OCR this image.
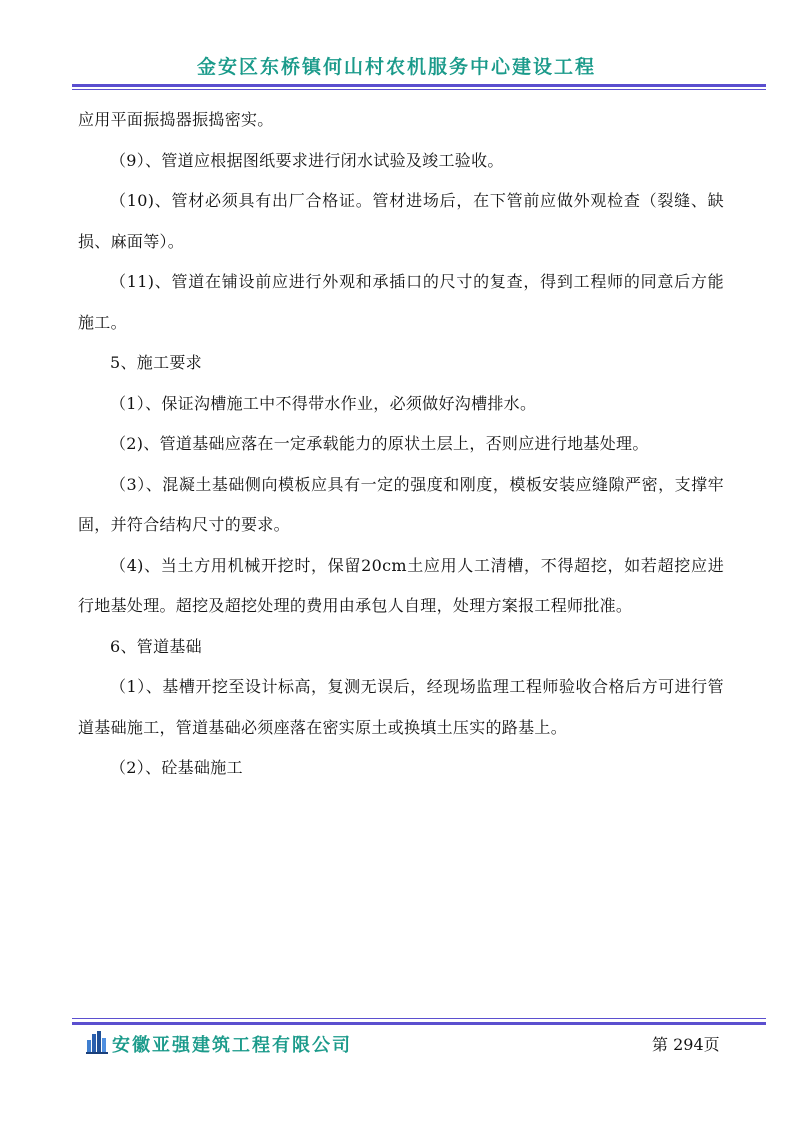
金安区东桥镇何山村农机服务中心建设工程

应用平面振捣器振捣密实。

（9）、管道应根据图纸要求进行闭水试验及竣工验收。

（10)、管材必须具有出厂合格证。管材进场后，在下管前应做外观检查（裂缝、缺损、麻面等）。

（11)、管道在铺设前应进行外观和承插口的尺寸的复查，得到工程师的同意后方能施工。

5、施工要求

（1）、保证沟槽施工中不得带水作业，必须做好沟槽排水。

（2)、管道基础应落在一定承载能力的原状土层上，否则应进行地基处理。

（3）、混凝土基础侧向模板应具有一定的强度和刚度，模板安装应缝隙严密，支撑牢固，并符合结构尺寸的要求。

（4)、当土方用机械开挖时，保留20cm土应用人工清槽，不得超挖，如若超挖应进行地基处理。超挖及超挖处理的费用由承包人自理，处理方案报工程师批准。

6、管道基础

（1）、基槽开挖至设计标高，复测无误后，经现场监理工程师验收合格后方可进行管道基础施工，管道基础必须座落在密实原土或换填土压实的路基上。

（2）、砼基础施工

安徽亚强建筑工程有限公司	第 294页
